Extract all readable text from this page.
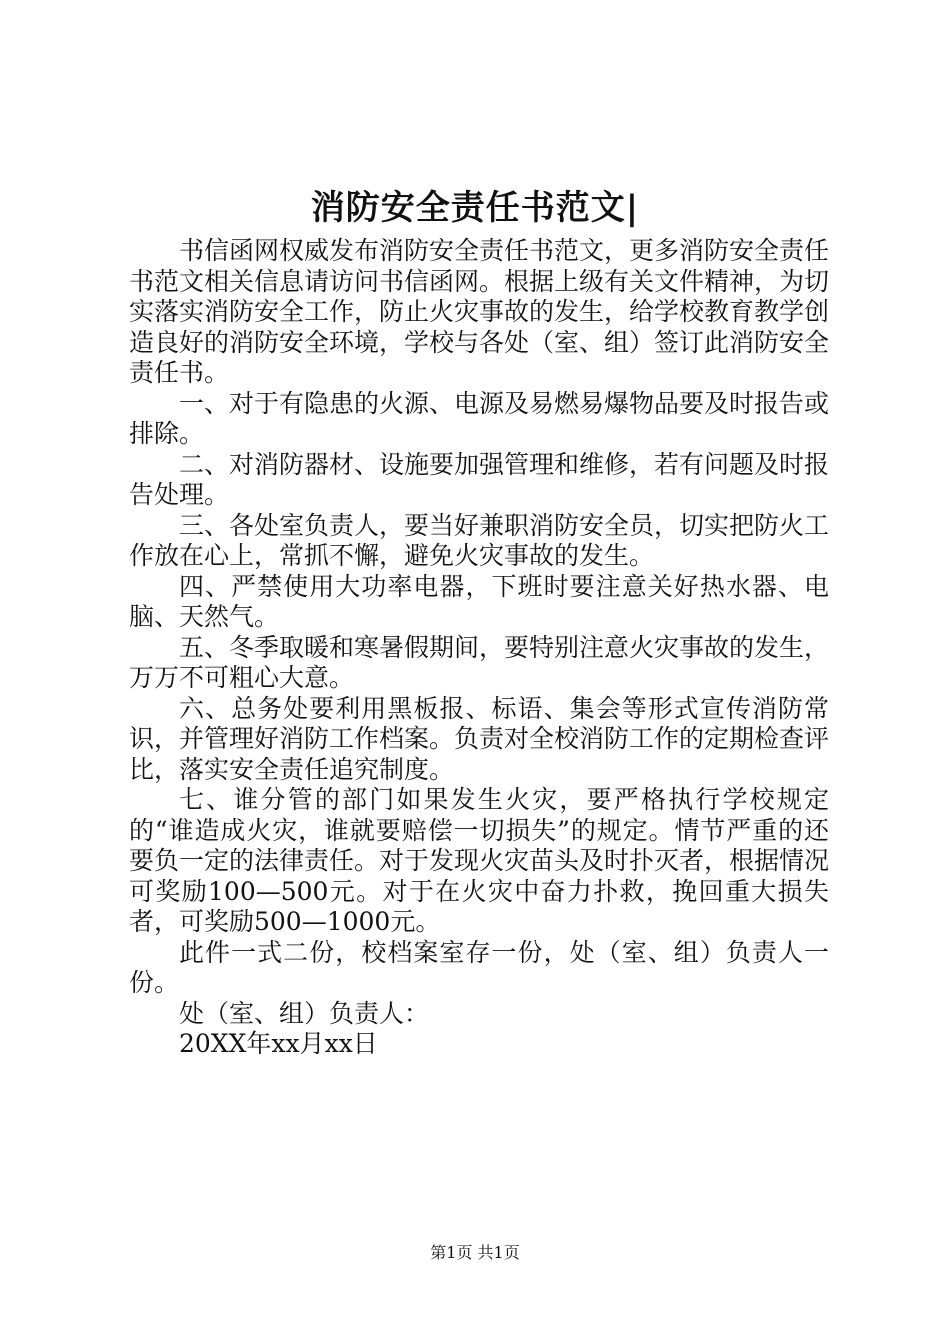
消防安全责任书范文|

书信函网权威发布消防安全责任书范文，更多消防安全责任书范文相关信息请访问书信函网。根据上级有关文件精神，为切实落实消防安全工作，防止火灾事故的发生，给学校教育教学创造良好的消防安全环境，学校与各处（室、组）签订此消防安全责任书。

一、对于有隐患的火源、电源及易燃易爆物品要及时报告或排除。

二、对消防器材、设施要加强管理和维修，若有问题及时报告处理。

三、各处室负责人，要当好兼职消防安全员，切实把防火工作放在心上，常抓不懈，避免火灾事故的发生。

四、严禁使用大功率电器，下班时要注意关好热水器、电脑、天然气。

五、冬季取暖和寒暑假期间，要特别注意火灾事故的发生，万万不可粗心大意。

六、总务处要利用黑板报、标语、集会等形式宣传消防常识，并管理好消防工作档案。负责对全校消防工作的定期检查评比，落实安全责任追究制度。

七、谁分管的部门如果发生火灾，要严格执行学校规定的“谁造成火灾，谁就要赔偿一切损失”的规定。情节严重的还要负一定的法律责任。对于发现火灾苗头及时扑灭者，根据情况可奖励100—500元。对于在火灾中奋力扑救，挽回重大损失者，可奖励500—1000元。

此件一式二份，校档案室存一份，处（室、组）负责人一份。

处（室、组）负责人：

20XX年xx月xx日

第1页 共1页
